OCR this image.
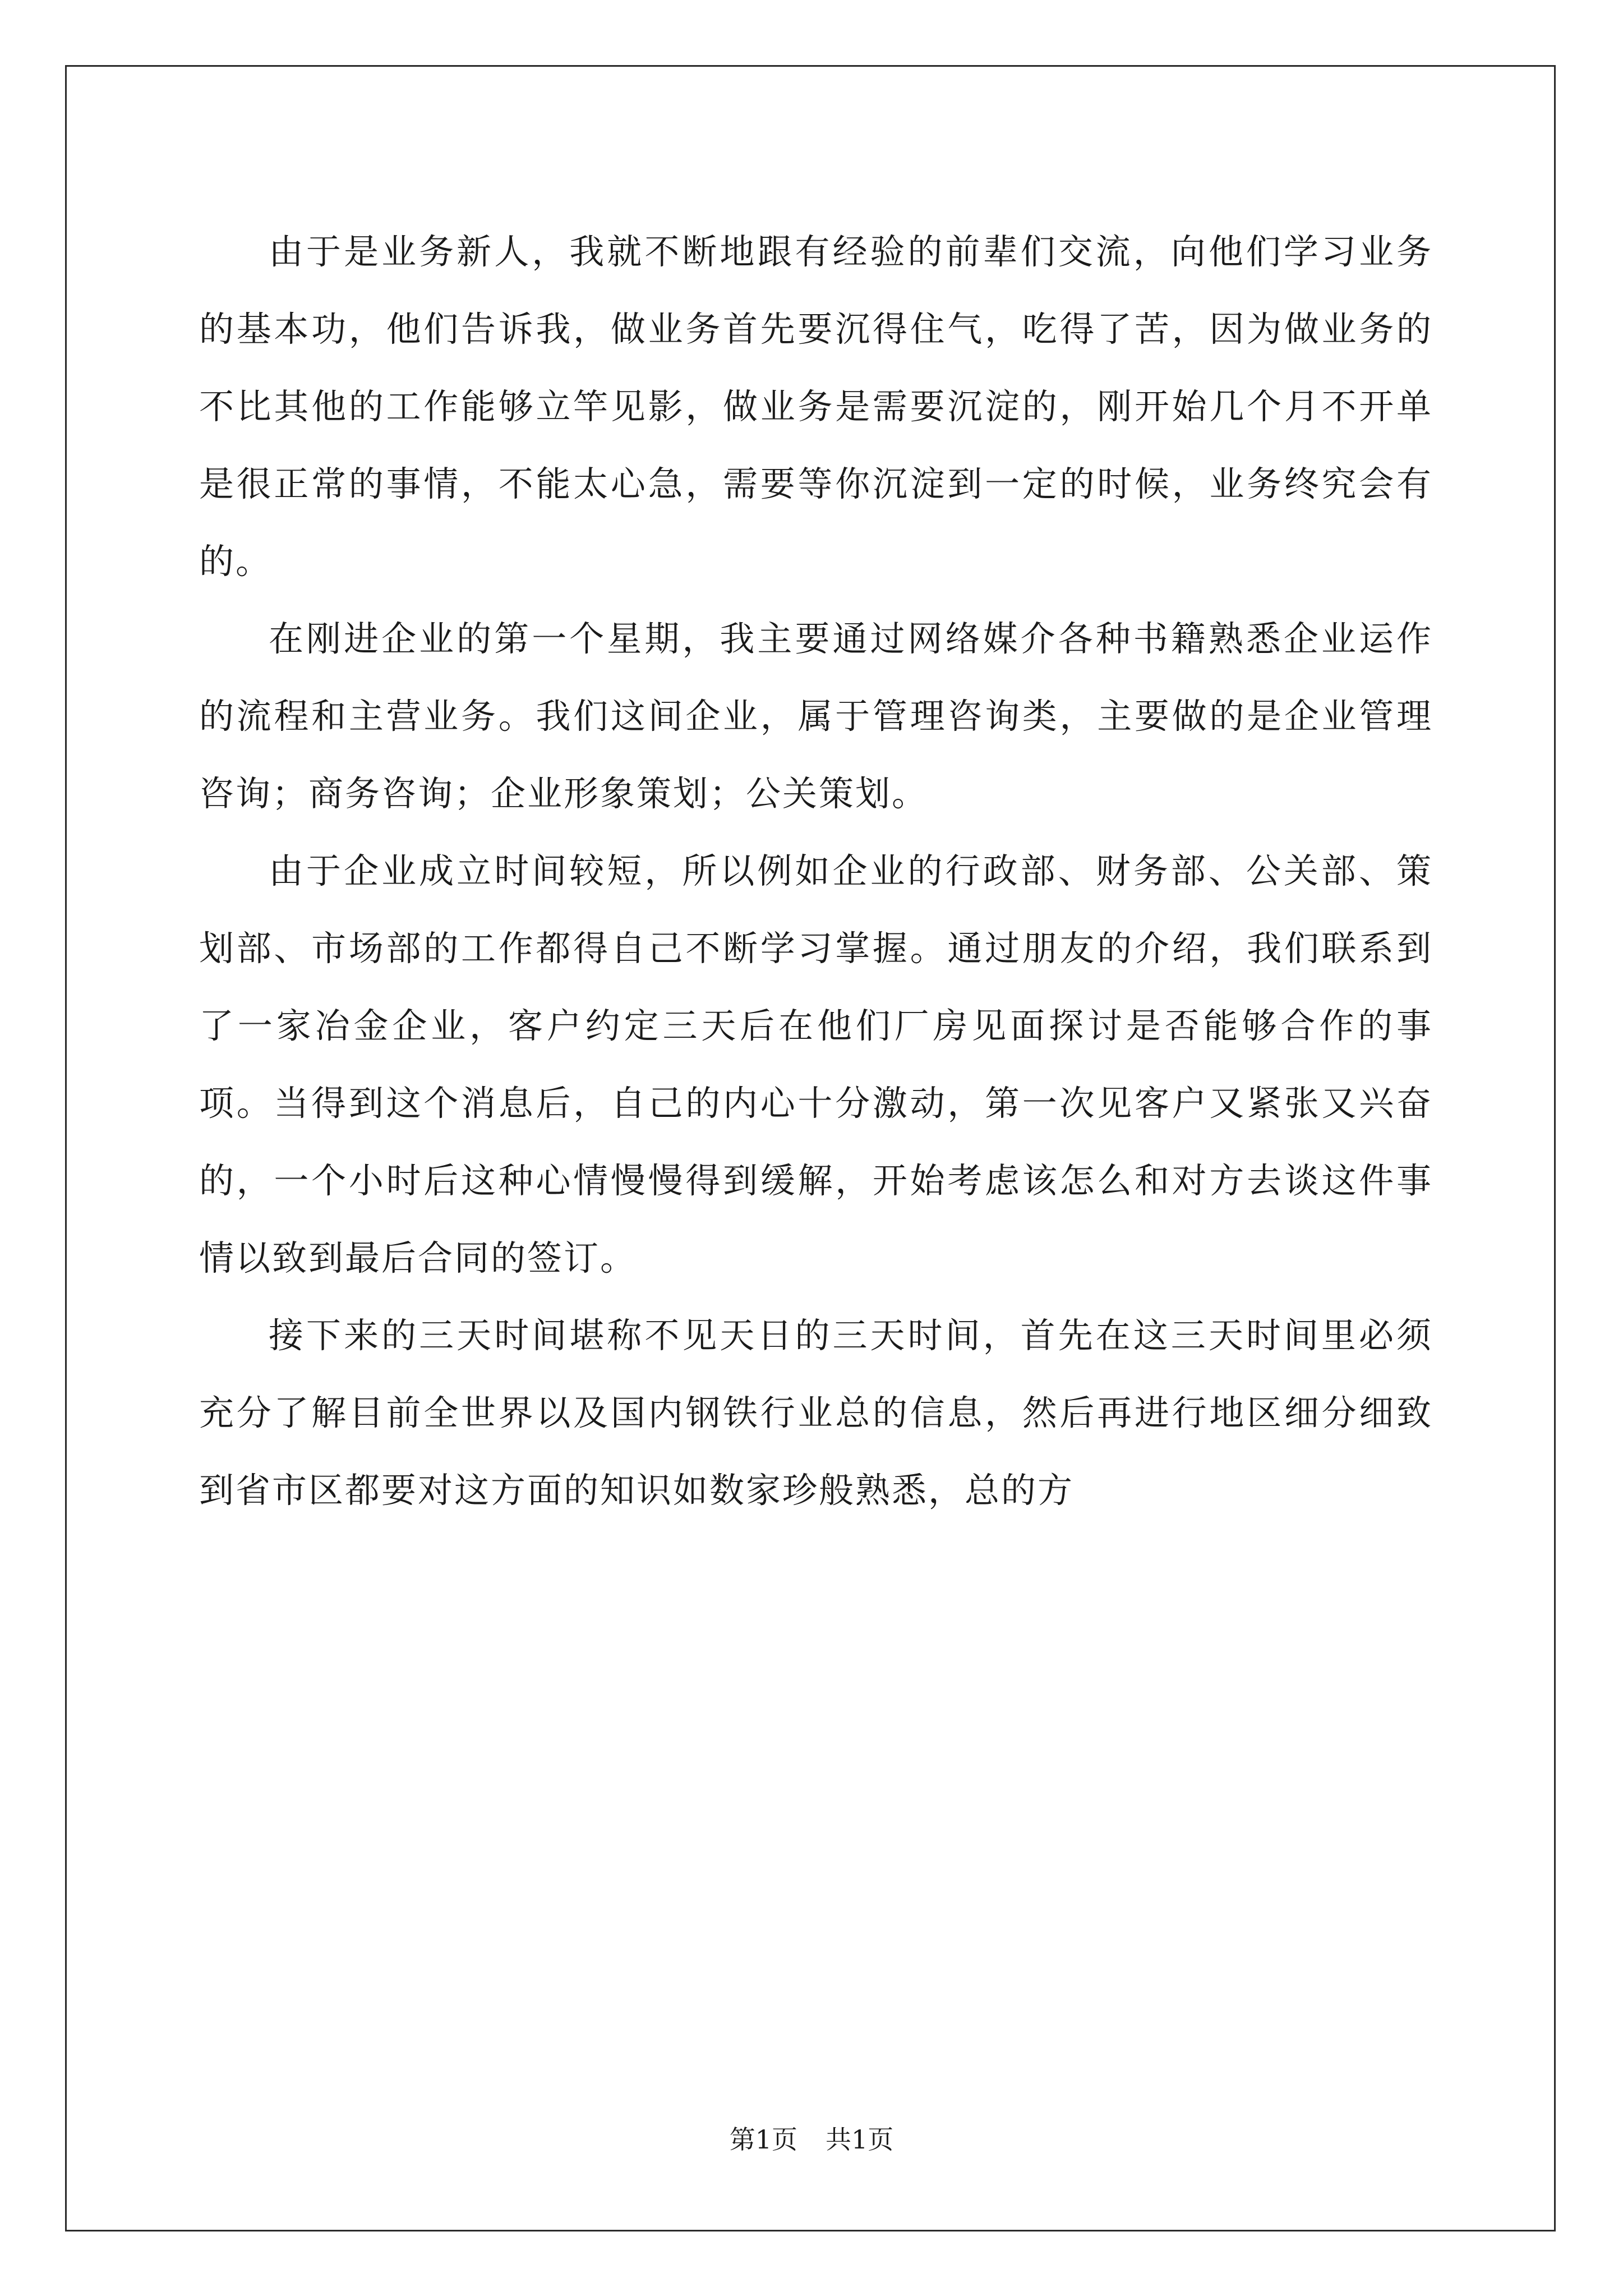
由于是业务新人，我就不断地跟有经验的前辈们交流，向他们学习业务的基本功，他们告诉我，做业务首先要沉得住气，吃得了苦，因为做业务的不比其他的工作能够立竿见影，做业务是需要沉淀的，刚开始几个月不开单是很正常的事情，不能太心急，需要等你沉淀到一定的时候，业务终究会有的。

在刚进企业的第一个星期，我主要通过网络媒介各种书籍熟悉企业运作的流程和主营业务。我们这间企业，属于管理咨询类，主要做的是企业管理咨询；商务咨询；企业形象策划；公关策划。

由于企业成立时间较短，所以例如企业的行政部、财务部、公关部、策划部、市场部的工作都得自己不断学习掌握。通过朋友的介绍，我们联系到了一家冶金企业，客户约定三天后在他们厂房见面探讨是否能够合作的事项。当得到这个消息后，自己的内心十分激动，第一次见客户又紧张又兴奋的，一个小时后这种心情慢慢得到缓解，开始考虑该怎么和对方去谈这件事情以致到最后合同的签订。

接下来的三天时间堪称不见天日的三天时间，首先在这三天时间里必须充分了解目前全世界以及国内钢铁行业总的信息，然后再进行地区细分细致到省市区都要对这方面的知识如数家珍般熟悉，总的方

第1页 共1页
